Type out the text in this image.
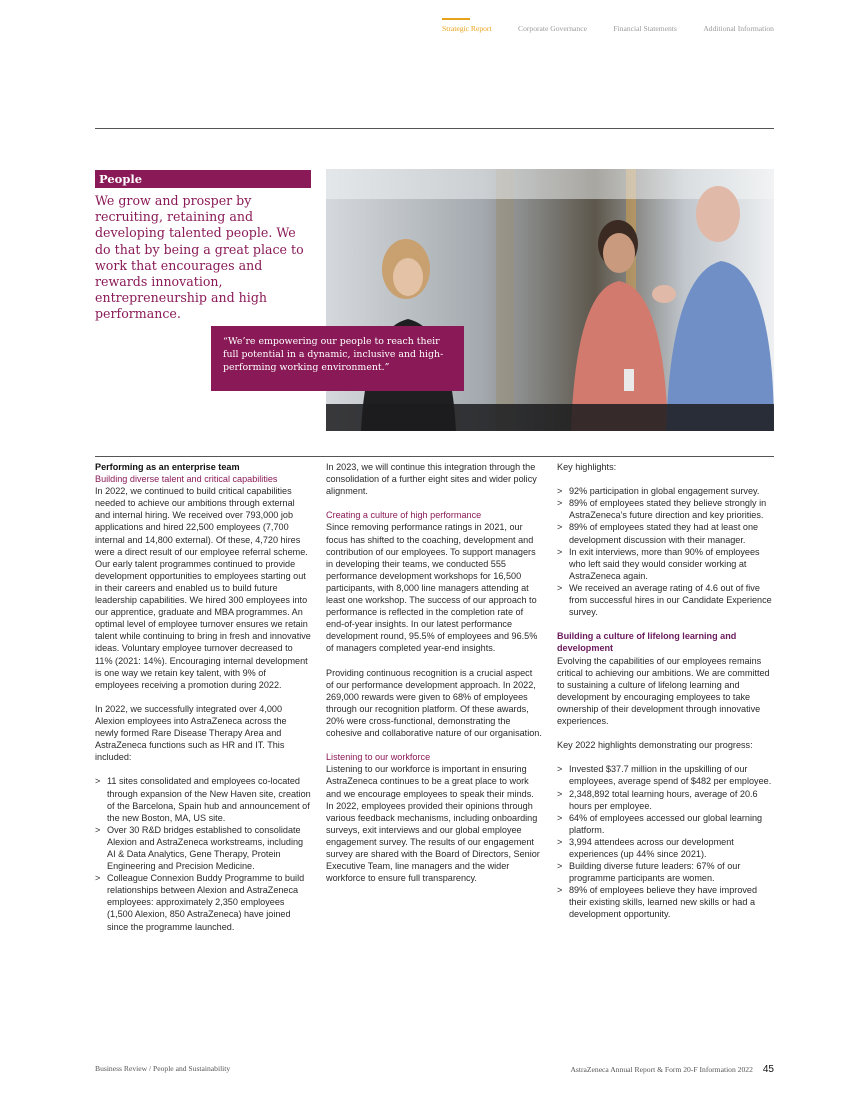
Strategic Report	Corporate Governance	Financial Statements	Additional Information
People
We grow and prosper by recruiting, retaining and developing talented people. We do that by being a great place to work that encourages and rewards innovation, entrepreneurship and high performance.
“We’re empowering our people to reach their full potential in a dynamic, inclusive and high-performing working environment.”

Performing as an enterprise team

Building diverse talent and critical capabilities

In 2022, we continued to build critical capabilities needed to achieve our ambitions through external and internal hiring. We received over 793,000 job applications and hired 22,500 employees (7,700 internal and 14,800 external). Of these, 4,720 hires were a direct result of our employee referral scheme. Our early talent programmes continued to provide development opportunities to employees starting out in their careers and enabled us to build future leadership capabilities. We hired 300 employees into our apprentice, graduate and MBA programmes. An optimal level of employee turnover ensures we retain talent while continuing to bring in fresh and innovative ideas. Voluntary employee turnover decreased to 11% (2021: 14%). Encouraging internal development is one way we retain key talent, with 9% of employees receiving a promotion during 2022.

In 2022, we successfully integrated over 4,000 Alexion employees into AstraZeneca across the newly formed Rare Disease Therapy Area and AstraZeneca functions such as HR and IT. This included:

> 11 sites consolidated and employees co-located through expansion of the New Haven site, creation of the Barcelona, Spain hub and announcement of the new Boston, MA, US site.
> Over 30 R&D bridges established to consolidate Alexion and AstraZeneca workstreams, including AI & Data Analytics, Gene Therapy, Protein Engineering and Precision Medicine.
> Colleague Connexion Buddy Programme to build relationships between Alexion and AstraZeneca employees: approximately 2,350 employees (1,500 Alexion, 850 AstraZeneca) have joined since the programme launched.

In 2023, we will continue this integration through the consolidation of a further eight sites and wider policy alignment.

Creating a culture of high performance

Since removing performance ratings in 2021, our focus has shifted to the coaching, development and contribution of our employees. To support managers in developing their teams, we conducted 555 performance development workshops for 16,500 participants, with 8,000 line managers attending at least one workshop. The success of our approach to performance is reflected in the completion rate of end-of-year insights. In our latest performance development round, 95.5% of employees and 96.5% of managers completed year-end insights.

Providing continuous recognition is a crucial aspect of our performance development approach. In 2022, 269,000 rewards were given to 68% of employees through our recognition platform. Of these awards, 20% were cross-functional, demonstrating the cohesive and collaborative nature of our organisation.

Listening to our workforce

Listening to our workforce is important in ensuring AstraZeneca continues to be a great place to work and we encourage employees to speak their minds. In 2022, employees provided their opinions through various feedback mechanisms, including onboarding surveys, exit interviews and our global employee engagement survey. The results of our engagement survey are shared with the Board of Directors, Senior Executive Team, line managers and the wider workforce to ensure full transparency.

Key highlights:

> 92% participation in global engagement survey.
> 89% of employees stated they believe strongly in AstraZeneca’s future direction and key priorities.
> 89% of employees stated they had at least one development discussion with their manager.
> In exit interviews, more than 90% of employees who left said they would consider working at AstraZeneca again.
> We received an average rating of 4.6 out of five from successful hires in our Candidate Experience survey.

Building a culture of lifelong learning and development

Evolving the capabilities of our employees remains critical to achieving our ambitions. We are committed to sustaining a culture of lifelong learning and development by encouraging employees to take ownership of their development through innovative experiences.

Key 2022 highlights demonstrating our progress:

> Invested $37.7 million in the upskilling of our employees, average spend of $482 per employee.
> 2,348,892 total learning hours, average of 20.6 hours per employee.
> 64% of employees accessed our global learning platform.
> 3,994 attendees across our development experiences (up 44% since 2021).
> Building diverse future leaders: 67% of our programme participants are women.
> 89% of employees believe they have improved their existing skills, learned new skills or had a development opportunity.
Business Review / People and Sustainability	AstraZeneca Annual Report & Form 20-F Information 2022 45
